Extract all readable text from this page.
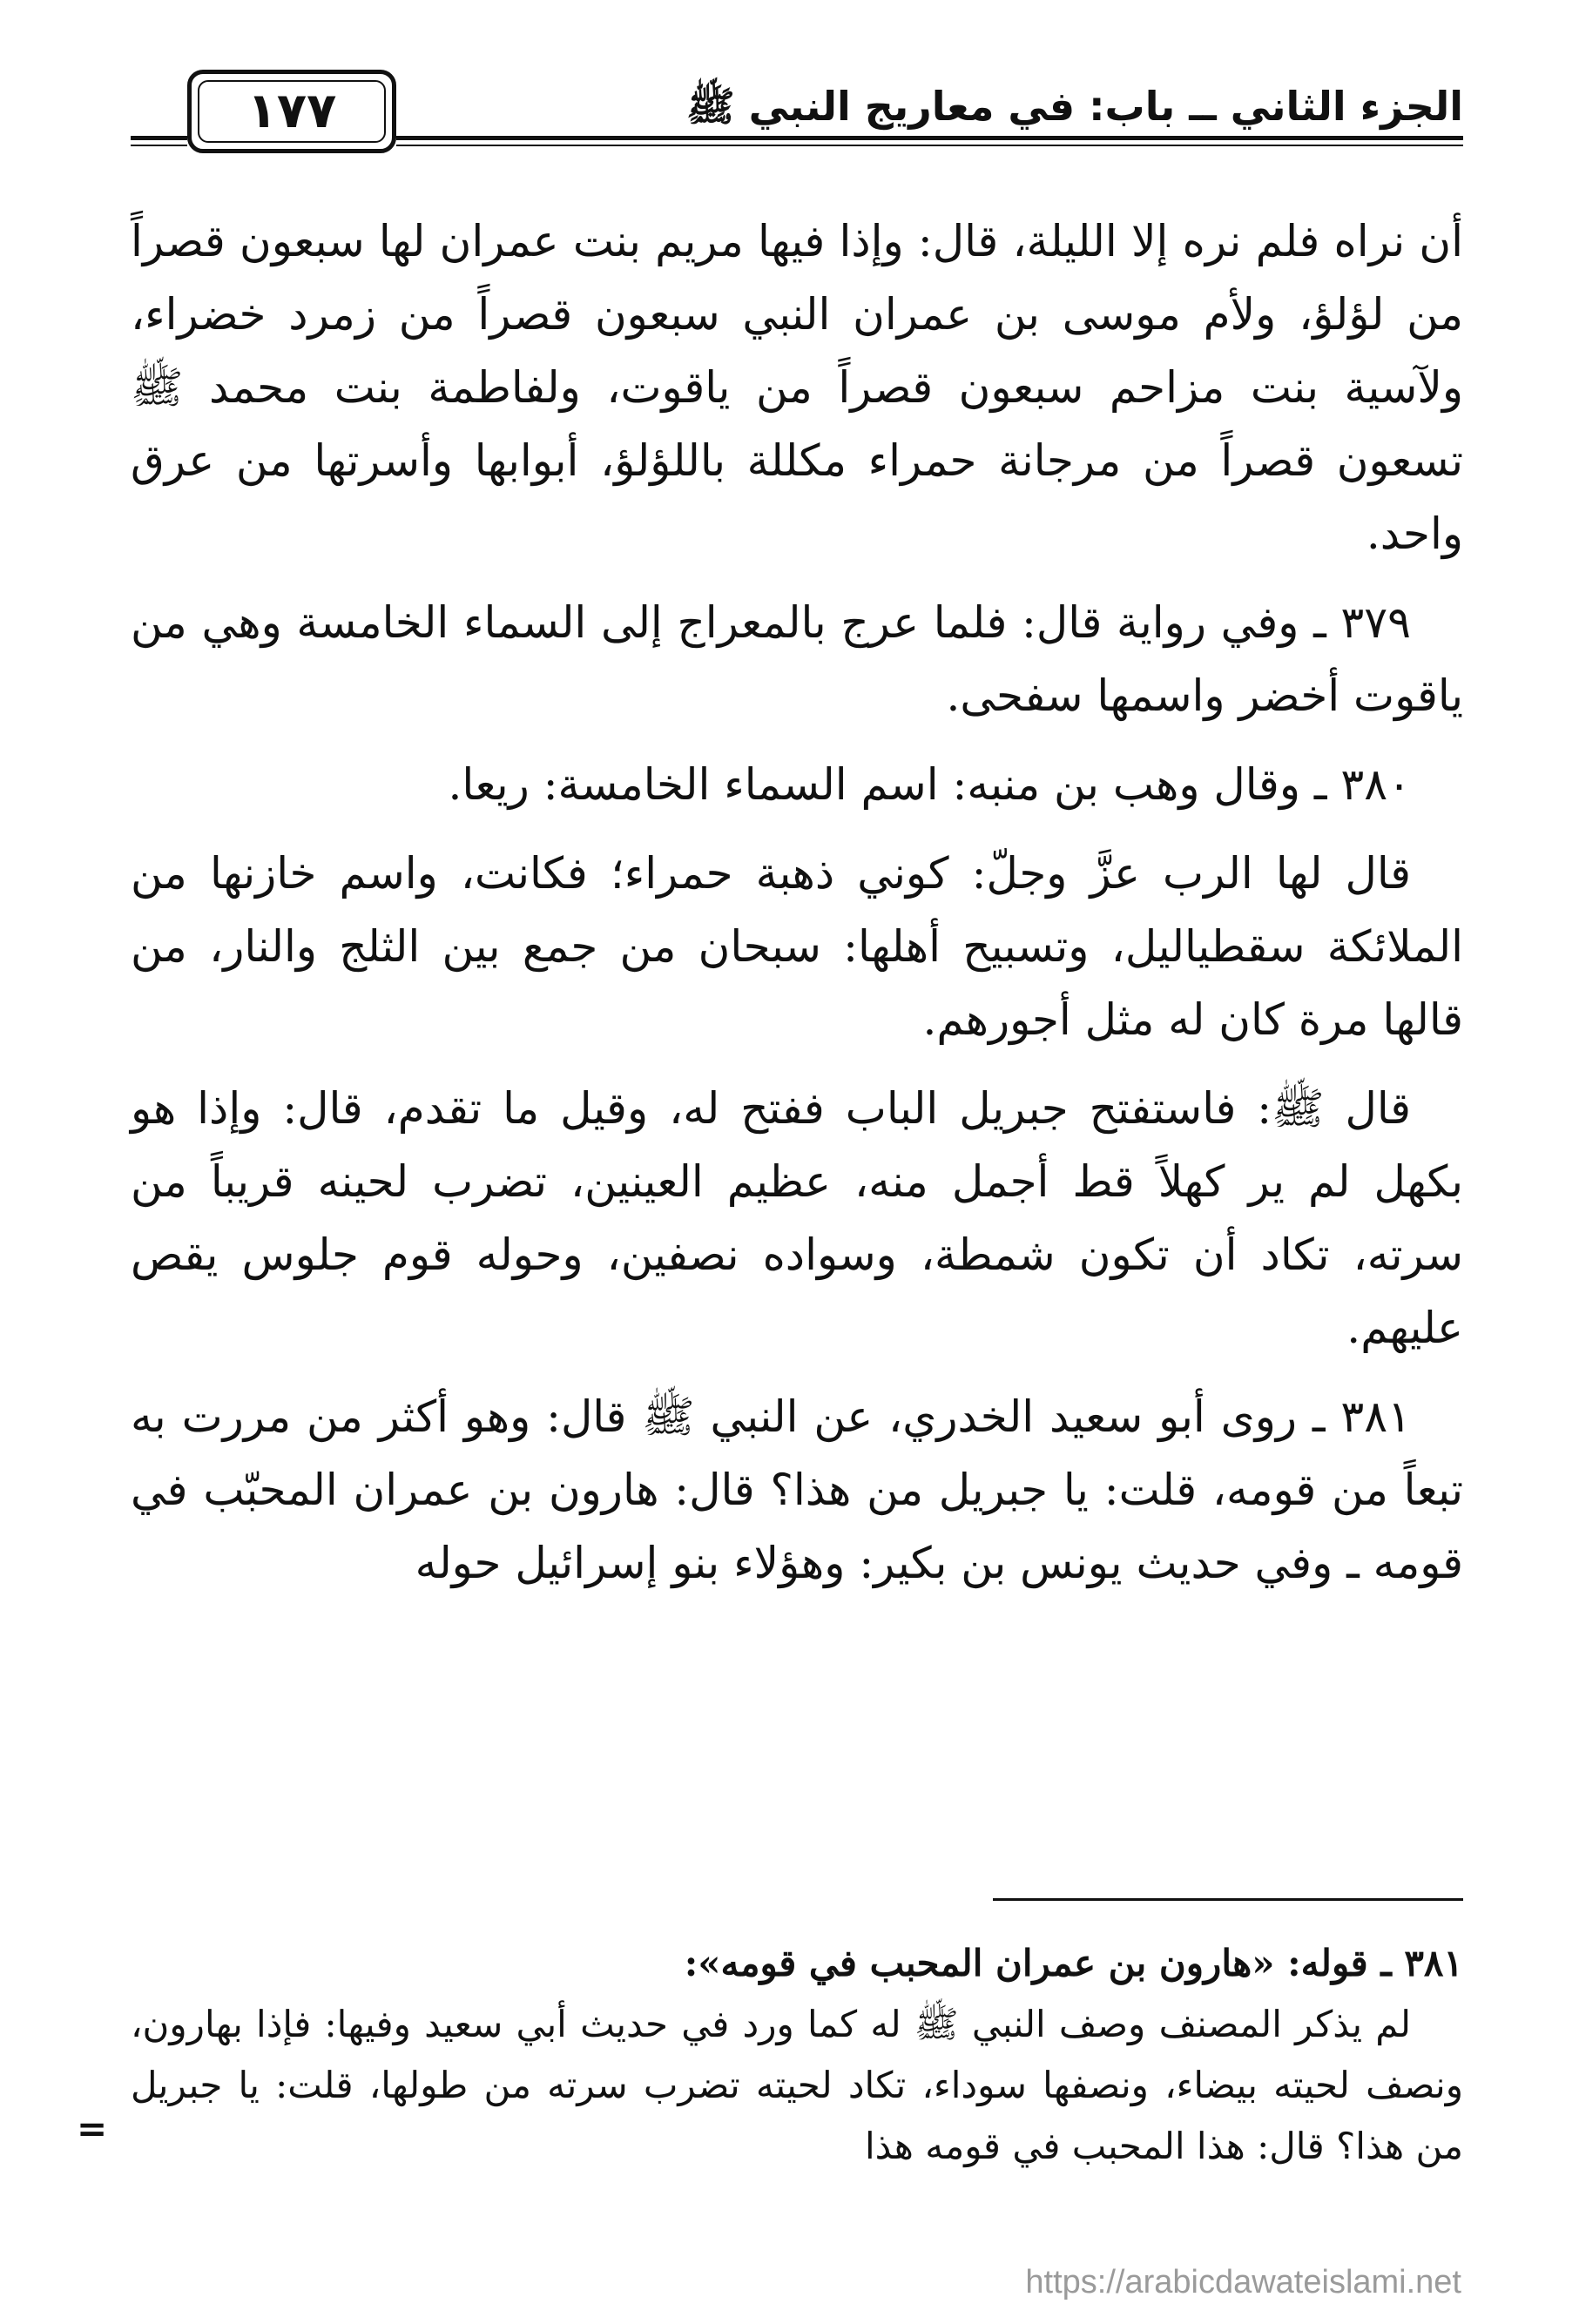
١٧٧	الجزء الثاني ــ باب: في معاريج النبي ﷺ

أن نراه فلم نره إلا الليلة، قال: وإذا فيها مريم بنت عمران لها سبعون قصراً من لؤلؤ، ولأم موسى بن عمران النبي سبعون قصراً من زمرد خضراء، ولآسية بنت مزاحم سبعون قصراً من ياقوت، ولفاطمة بنت محمد ﷺ تسعون قصراً من مرجانة حمراء مكللة باللؤلؤ، أبوابها وأسرتها من عرق واحد.

٣٧٩ ـ وفي رواية قال: فلما عرج بالمعراج إلى السماء الخامسة وهي من ياقوت أخضر واسمها سفحى.

٣٨٠ ـ وقال وهب بن منبه: اسم السماء الخامسة: ريعا.

قال لها الرب عزَّ وجلّ: كوني ذهبة حمراء؛ فكانت، واسم خازنها من الملائكة سقطياليل، وتسبيح أهلها: سبحان من جمع بين الثلج والنار، من قالها مرة كان له مثل أجورهم.

قال ﷺ: فاستفتح جبريل الباب ففتح له، وقيل ما تقدم، قال: وإذا هو بكهل لم ير كهلاً قط أجمل منه، عظيم العينين، تضرب لحينه قريباً من سرته، تكاد أن تكون شمطة، وسواده نصفين، وحوله قوم جلوس يقص عليهم.

٣٨١ ـ روى أبو سعيد الخدري، عن النبي ﷺ قال: وهو أكثر من مررت به تبعاً من قومه، قلت: يا جبريل من هذا؟ قال: هارون بن عمران المحبّب في قومه ـ وفي حديث يونس بن بكير: وهؤلاء بنو إسرائيل حوله

٣٨١ ـ قوله: «هارون بن عمران المحبب في قومه»:

لم يذكر المصنف وصف النبي ﷺ له كما ورد في حديث أبي سعيد وفيها: فإذا بهارون، ونصف لحيته بيضاء، ونصفها سوداء، تكاد لحيته تضرب سرته من طولها، قلت: يا جبريل من هذا؟ قال: هذا المحبب في قومه هذا

=
https://arabicdawateislami.net
